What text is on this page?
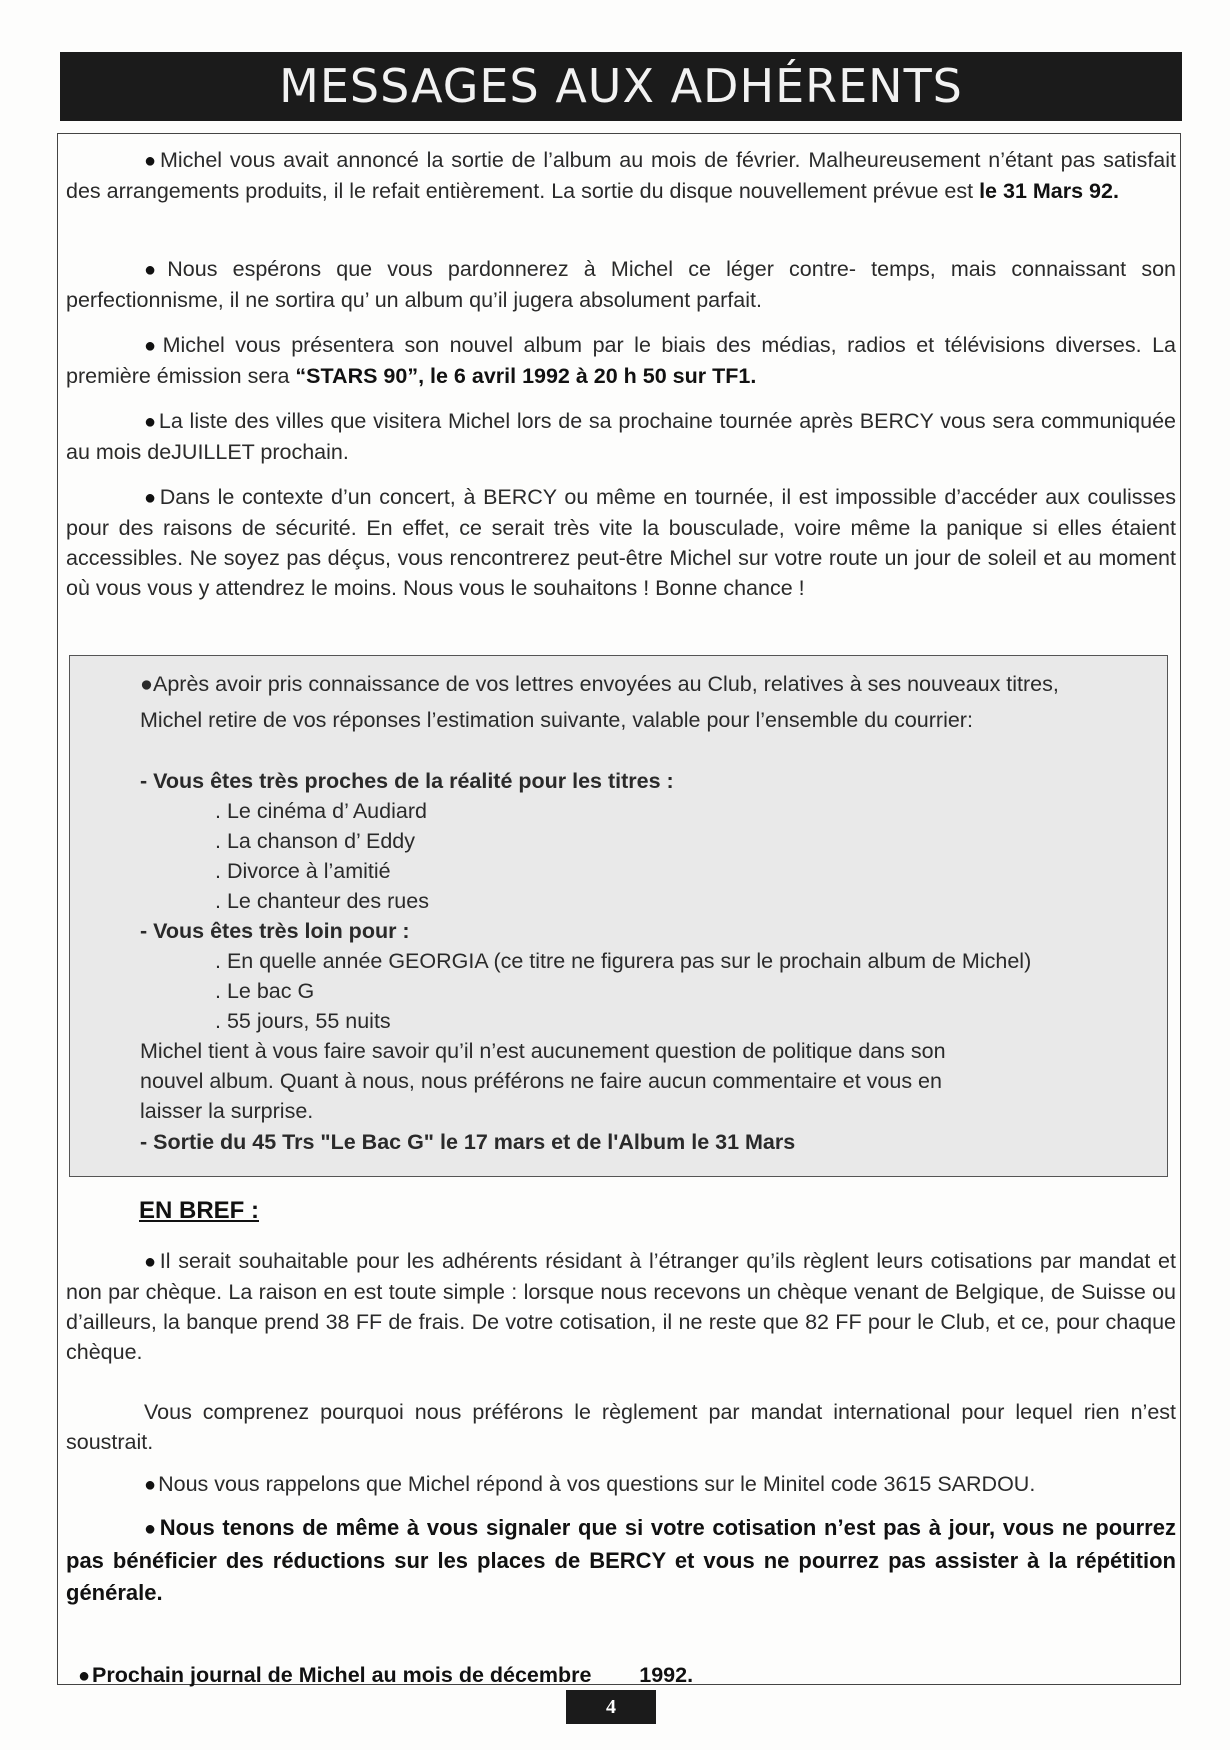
MESSAGES AUX ADHÉRENTS
●Michel vous avait annoncé la sortie de l’album au mois de février. Malheureusement n’étant pas satisfait des arrangements produits, il le refait entièrement. La sortie du disque nouvellement prévue est le 31 Mars 92.
●Nous espérons que vous pardonnerez à Michel ce léger contre- temps, mais connaissant son perfectionnisme, il ne sortira qu’ un album qu’il jugera absolument parfait.
●Michel vous présentera son nouvel album par le biais des médias, radios et télévisions diverses. La première émission sera “STARS 90”, le 6 avril 1992 à 20 h 50 sur TF1.
●La liste des villes que visitera Michel lors de sa prochaine tournée après BERCY vous sera communiquée au mois deJUILLET prochain.
●Dans le contexte d’un concert, à BERCY ou même en tournée, il est impossible d’accéder aux coulisses pour des raisons de sécurité. En effet, ce serait très vite la bousculade, voire même la panique si elles étaient accessibles. Ne soyez pas déçus, vous rencontrerez peut-être Michel sur votre route un jour de soleil et au moment où vous vous y attendrez le moins. Nous vous le souhaitons ! Bonne chance !
●Après avoir pris connaissance de vos lettres envoyées au Club, relatives à ses nouveaux titres,
Michel retire de vos réponses l’estimation suivante, valable pour l’ensemble du courrier:
- Vous êtes très proches de la réalité pour les titres :
. Le cinéma d’ Audiard
. La chanson d’ Eddy
. Divorce à l’amitié
. Le chanteur des rues
- Vous êtes très loin pour :
. En quelle année GEORGIA (ce titre ne figurera pas sur le prochain album de Michel)
. Le bac G
. 55 jours, 55 nuits
Michel tient à vous faire savoir qu’il n’est aucunement question de politique dans son
nouvel album. Quant à nous, nous préférons ne faire aucun commentaire et vous en
laisser la surprise.
- Sortie du 45 Trs "Le Bac G" le 17 mars et de l'Album le 31 Mars
EN BREF :
●Il serait souhaitable pour les adhérents résidant à l’étranger qu’ils règlent leurs cotisations par mandat et non par chèque. La raison en est toute simple : lorsque nous recevons un chèque venant de Belgique, de Suisse ou d’ailleurs, la banque prend 38 FF de frais. De votre cotisation, il ne reste que 82 FF pour le Club, et ce, pour chaque chèque.
Vous comprenez pourquoi nous préférons le règlement par mandat international pour lequel rien n’est soustrait.
●Nous vous rappelons que Michel répond à vos questions sur le Minitel code 3615 SARDOU.
●Nous tenons de même à vous signaler que si votre cotisation n’est pas à jour, vous ne pourrez pas bénéficier des réductions sur les places de BERCY et vous ne pourrez pas assister à la répétition générale.

●Prochain journal de Michel au mois de décembre        1992.

4
